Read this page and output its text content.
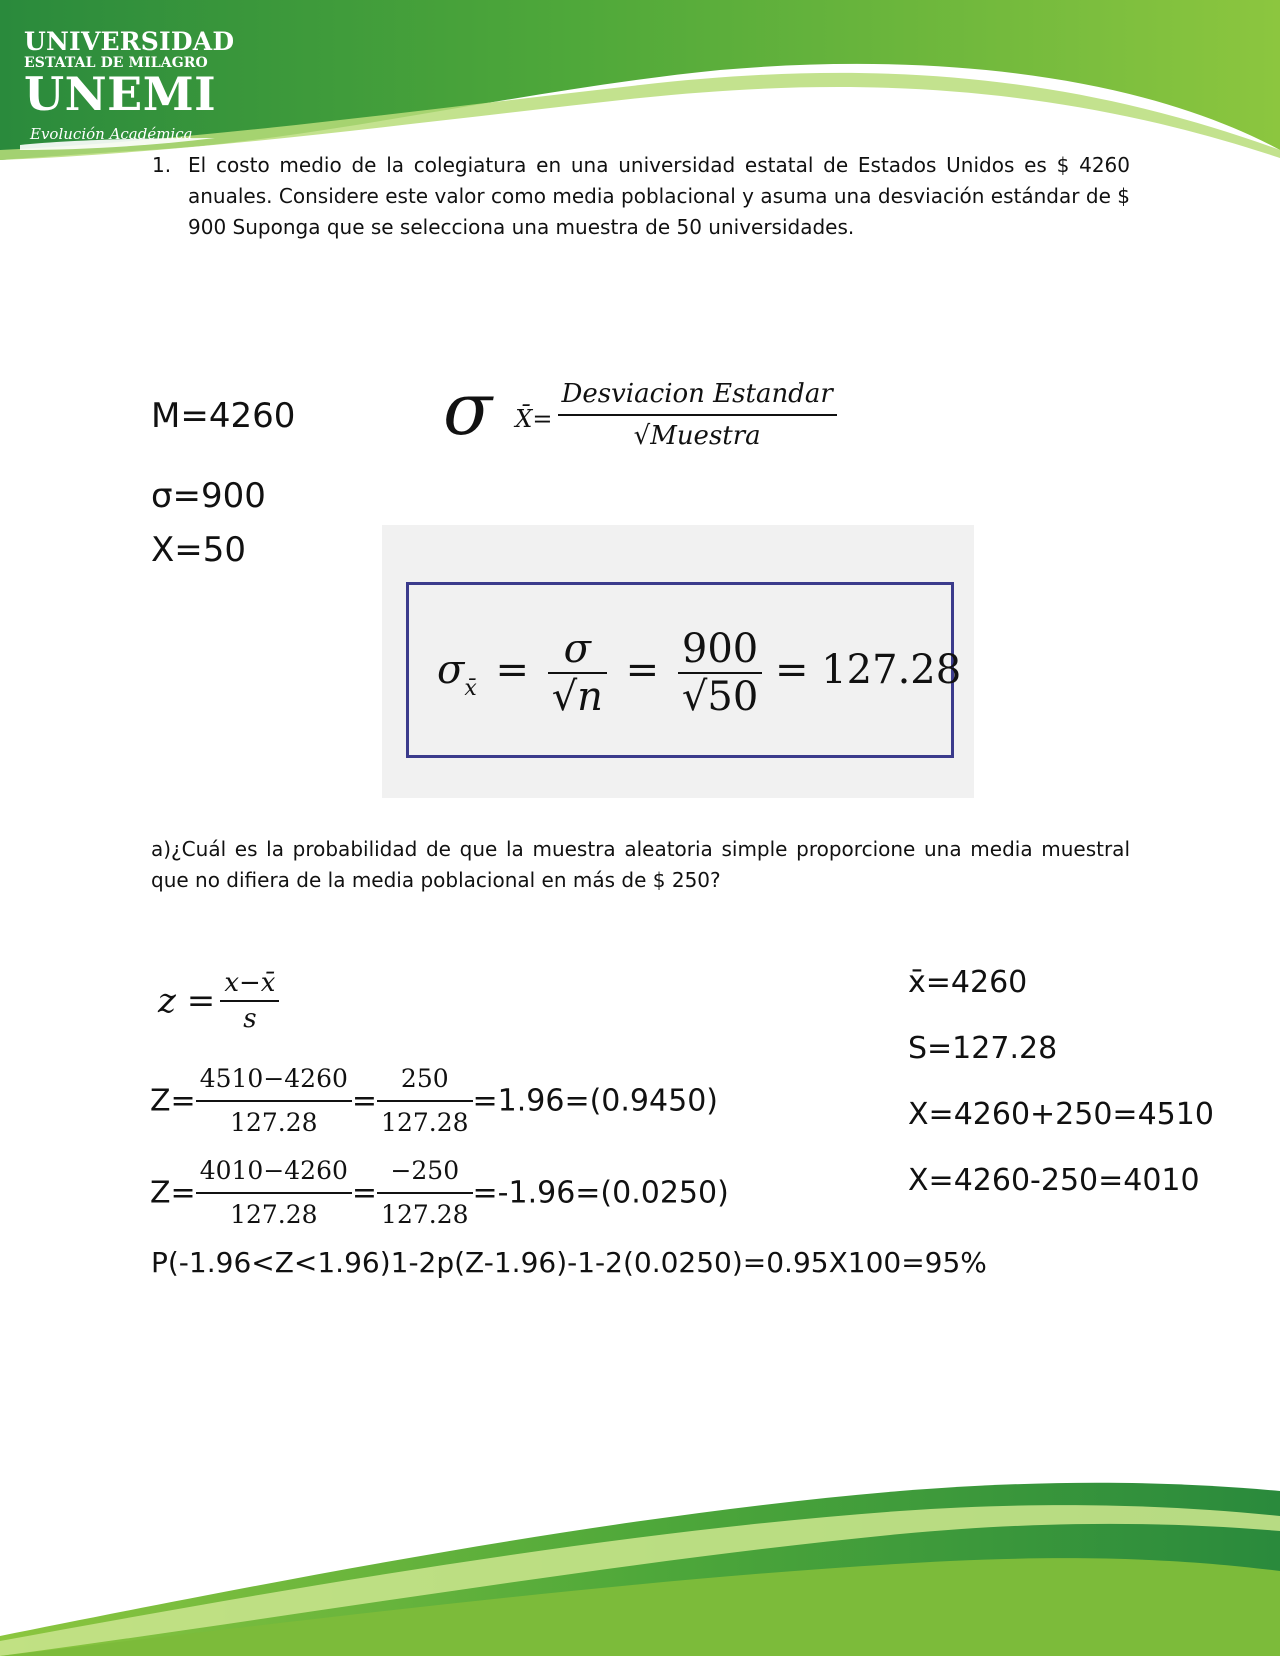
UNIVERSIDAD
ESTATAL DE MILAGRO
UNEMI
Evolución Académica
1. El costo medio de la colegiatura en una universidad estatal de Estados Unidos es $ 4260 anuales. Considere este valor como media poblacional y asuma una desviación estándar de $ 900 Suponga que se selecciona una muestra de 50 universidades.
M=4260
σ=900
X=50
σ X̄= $\frac{\text{Desviacion Estandar}}{\text{√Muestra}}$
$\sigma_{x̄} = \frac{\sigma}{√n} = \frac{900}{√50} = 127.28$
a)¿Cuál es la probabilidad de que la muestra aleatoria simple proporcione una media muestral que no difiera de la media poblacional en más de $ 250?
$z = \frac{x-x̄}{s}$
$Z= \frac{4510-4260}{127.28} = \frac{250}{127.28} =1.96=(0.9450)$
$Z= \frac{4010-4260}{127.28} = \frac{-250}{127.28} =-1.96=(0.0250)$
P(-1.96<Z<1.96)1-2p(Z-1.96)-1-2(0.0250)=0.95X100=95%
x̄=4260
S=127.28
X=4260+250=4510
X=4260-250=4010
